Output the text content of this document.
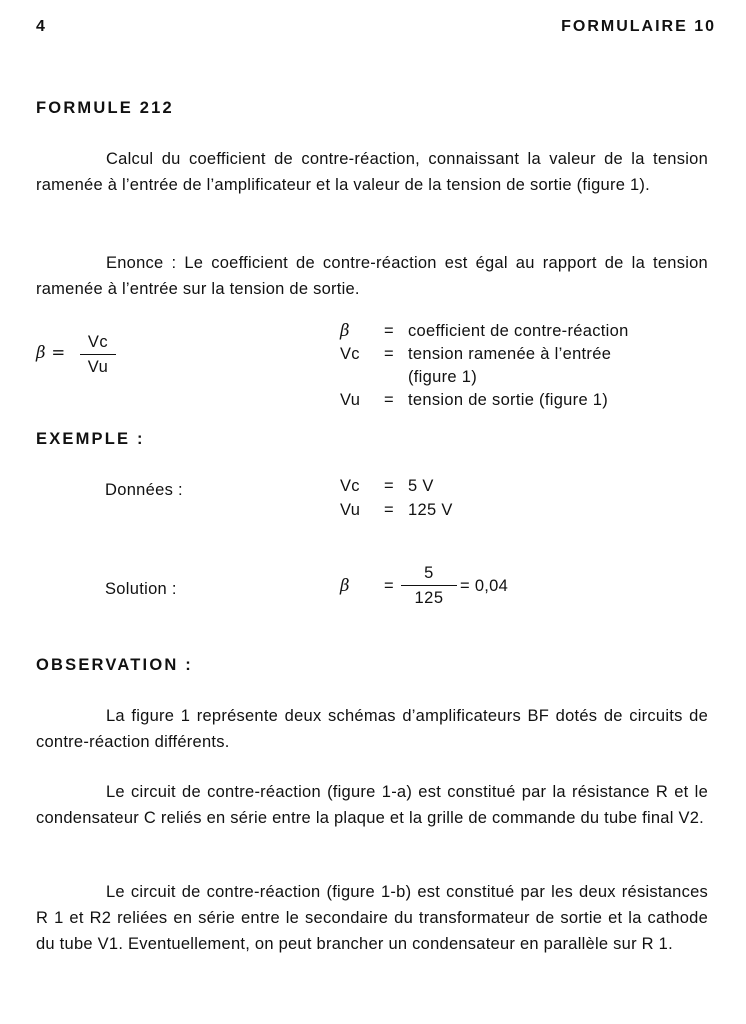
4	FORMULAIRE 10
FORMULE 212

Calcul du coefficient de contre-réaction, connaissant la valeur de la tension ramenée à l’entrée de l’amplificateur et la valeur de la tension de sortie (figure 1).

Enonce : Le coefficient de contre-réaction est égal au rapport de la tension ramenée à l’entrée sur la tension de sortie.

β =
Vc
Vu
β = coefficient de contre-réaction
Vc = tension ramenée à l’entrée
(figure 1)
Vu = tension de sortie (figure 1)
EXEMPLE :
Données :	Vc = 5 V
Vu = 125 V
Solution :	β =
5
125
= 0,04
OBSERVATION :

La figure 1 représente deux schémas d’amplificateurs BF dotés de circuits de contre-réaction différents.

Le circuit de contre-réaction (figure 1-a) est constitué par la résistance R et le condensateur C reliés en série entre la plaque et la grille de commande du tube final V2.

Le circuit de contre-réaction (figure 1-b) est constitué par les deux résistances R 1 et R2 reliées en série entre le secondaire du transformateur de sortie et la cathode du tube V1. Eventuellement, on peut brancher un condensateur en parallèle sur R 1.
